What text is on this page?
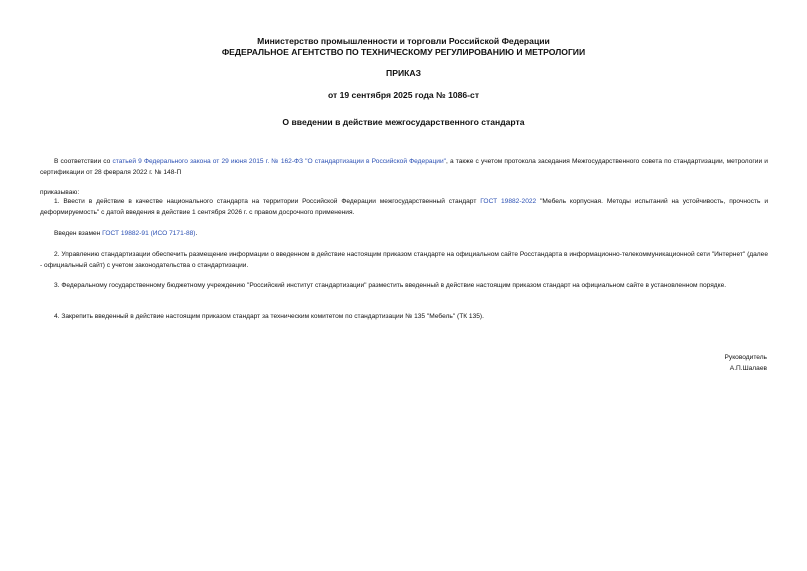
Министерство промышленности и торговли Российской Федерации
ФЕДЕРАЛЬНОЕ АГЕНТСТВО ПО ТЕХНИЧЕСКОМУ РЕГУЛИРОВАНИЮ И МЕТРОЛОГИИ
ПРИКАЗ
от 19 сентября 2025 года № 1086-ст
О введении в действие межгосударственного стандарта
В соответствии со статьей 9 Федерального закона от 29 июня 2015 г. № 162-ФЗ "О стандартизации в Российской Федерации", а также с учетом протокола заседания Межгосударственного совета по стандартизации, метрологии и сертификации от 28 февраля 2022 г. № 148-П
приказываю:
1. Ввести в действие в качестве национального стандарта на территории Российской Федерации межгосударственный стандарт ГОСТ 19882-2022 "Мебель корпусная. Методы испытаний на устойчивость, прочность и деформируемость" с датой введения в действие 1 сентября 2026 г. с правом досрочного применения.
Введен взамен ГОСТ 19882-91 (ИСО 7171-88).
2. Управлению стандартизации обеспечить размещение информации о введенном в действие настоящим приказом стандарте на официальном сайте Росстандарта в информационно-телекоммуникационной сети "Интернет" (далее - официальный сайт) с учетом законодательства о стандартизации.
3. Федеральному государственному бюджетному учреждению "Российский институт стандартизации" разместить введенный в действие настоящим приказом стандарт на официальном сайте в установленном порядке.
4. Закрепить введенный в действие настоящим приказом стандарт за техническим комитетом по стандартизации № 135 "Мебель" (ТК 135).
Руководитель
А.П.Шалаев
